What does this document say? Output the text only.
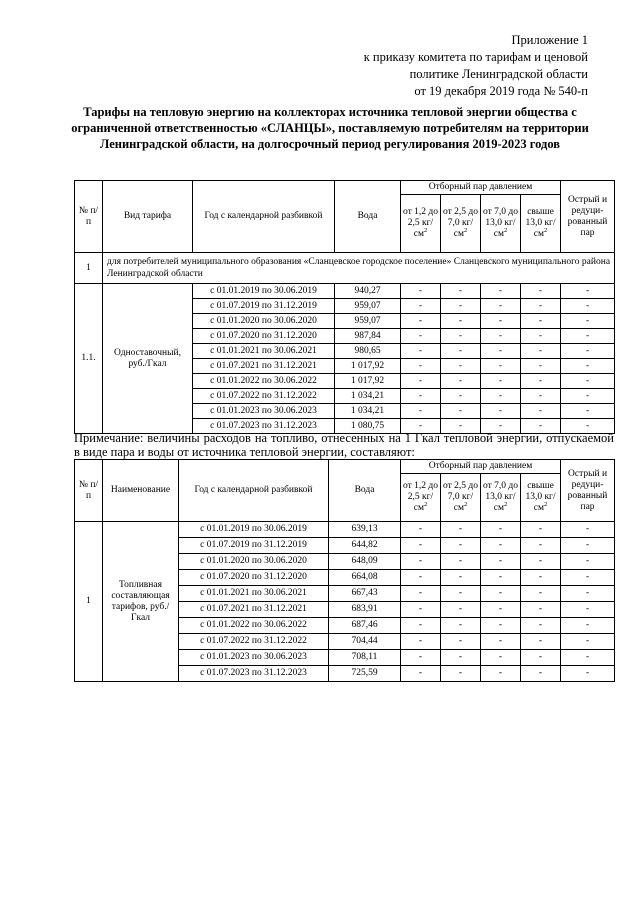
Приложение 1
к приказу комитета по тарифам и ценовой
политике Ленинградской области
от 19 декабря 2019 года № 540-п
Тарифы на тепловую энергию на коллекторах источника тепловой энергии общества с ограниченной ответственностью «СЛАНЦЫ», поставляемую потребителям на территории Ленинградской области, на долгосрочный период регулирования 2019-2023 годов
№ п/п	Вид тарифа	Год с календарной разбивкой	Вода	Отборный пар давлением				Острый и редуци-рованный пар
				от 1,2 до 2,5 $кг/см^2$	от 2,5 до 7,0 $кг/см^2$	от 7,0 до 13,0 $кг/см^2$	свыше 13,0 $кг/см^2$
1	для потребителей муниципального образования «Сланцевское городское поселение» Сланцевского муниципального района Ленинградской области							
1.1.	Одноставочный, руб./Гкал	с 01.01.2019 по 30.06.2019	940,27	-	-	-	-	-
		с 01.07.2019 по 31.12.2019	959,07	-	-	-	-	-
		с 01.01.2020 по 30.06.2020	959,07	-	-	-	-	-
		с 01.07.2020 по 31.12.2020	987,84	-	-	-	-	-
		с 01.01.2021 по 30.06.2021	980,65	-	-	-	-	-
		с 01.07.2021 по 31.12.2021	1 017,92	-	-	-	-	-
		с 01.01.2022 по 30.06.2022	1 017,92	-	-	-	-	-
		с 01.07.2022 по 31.12.2022	1 034,21	-	-	-	-	-
		с 01.01.2023 по 30.06.2023	1 034,21	-	-	-	-	-
		с 01.07.2023 по 31.12.2023	1 080,75	-	-	-	-	-
Примечание: величины расходов на топливо, отнесенных на 1 Гкал тепловой энергии, отпускаемой в виде пара и воды от источника тепловой энергии, составляют:
№ п/п	Наименование	Год с календарной разбивкой	Вода	Отборный пар давлением				Острый и редуци-рованный пар
				от 1,2 до 2,5 $кг/см^2$	от 2,5 до 7,0 $кг/см^2$	от 7,0 до 13,0 $кг/см^2$	свыше 13,0 $кг/см^2$
1	Топливная составляющая тарифов, руб./Гкал	с 01.01.2019 по 30.06.2019	639,13	-	-	-	-	-
		с 01.07.2019 по 31.12.2019	644,82	-	-	-	-	-
		с 01.01.2020 по 30.06.2020	648,09	-	-	-	-	-
		с 01.07.2020 по 31.12.2020	664,08	-	-	-	-	-
		с 01.01.2021 по 30.06.2021	667,43	-	-	-	-	-
		с 01.07.2021 по 31.12.2021	683,91	-	-	-	-	-
		с 01.01.2022 по 30.06.2022	687,46	-	-	-	-	-
		с 01.07.2022 по 31.12.2022	704,44	-	-	-	-	-
		с 01.01.2023 по 30.06.2023	708,11	-	-	-	-	-
		с 01.07.2023 по 31.12.2023	725,59	-	-	-	-	-
